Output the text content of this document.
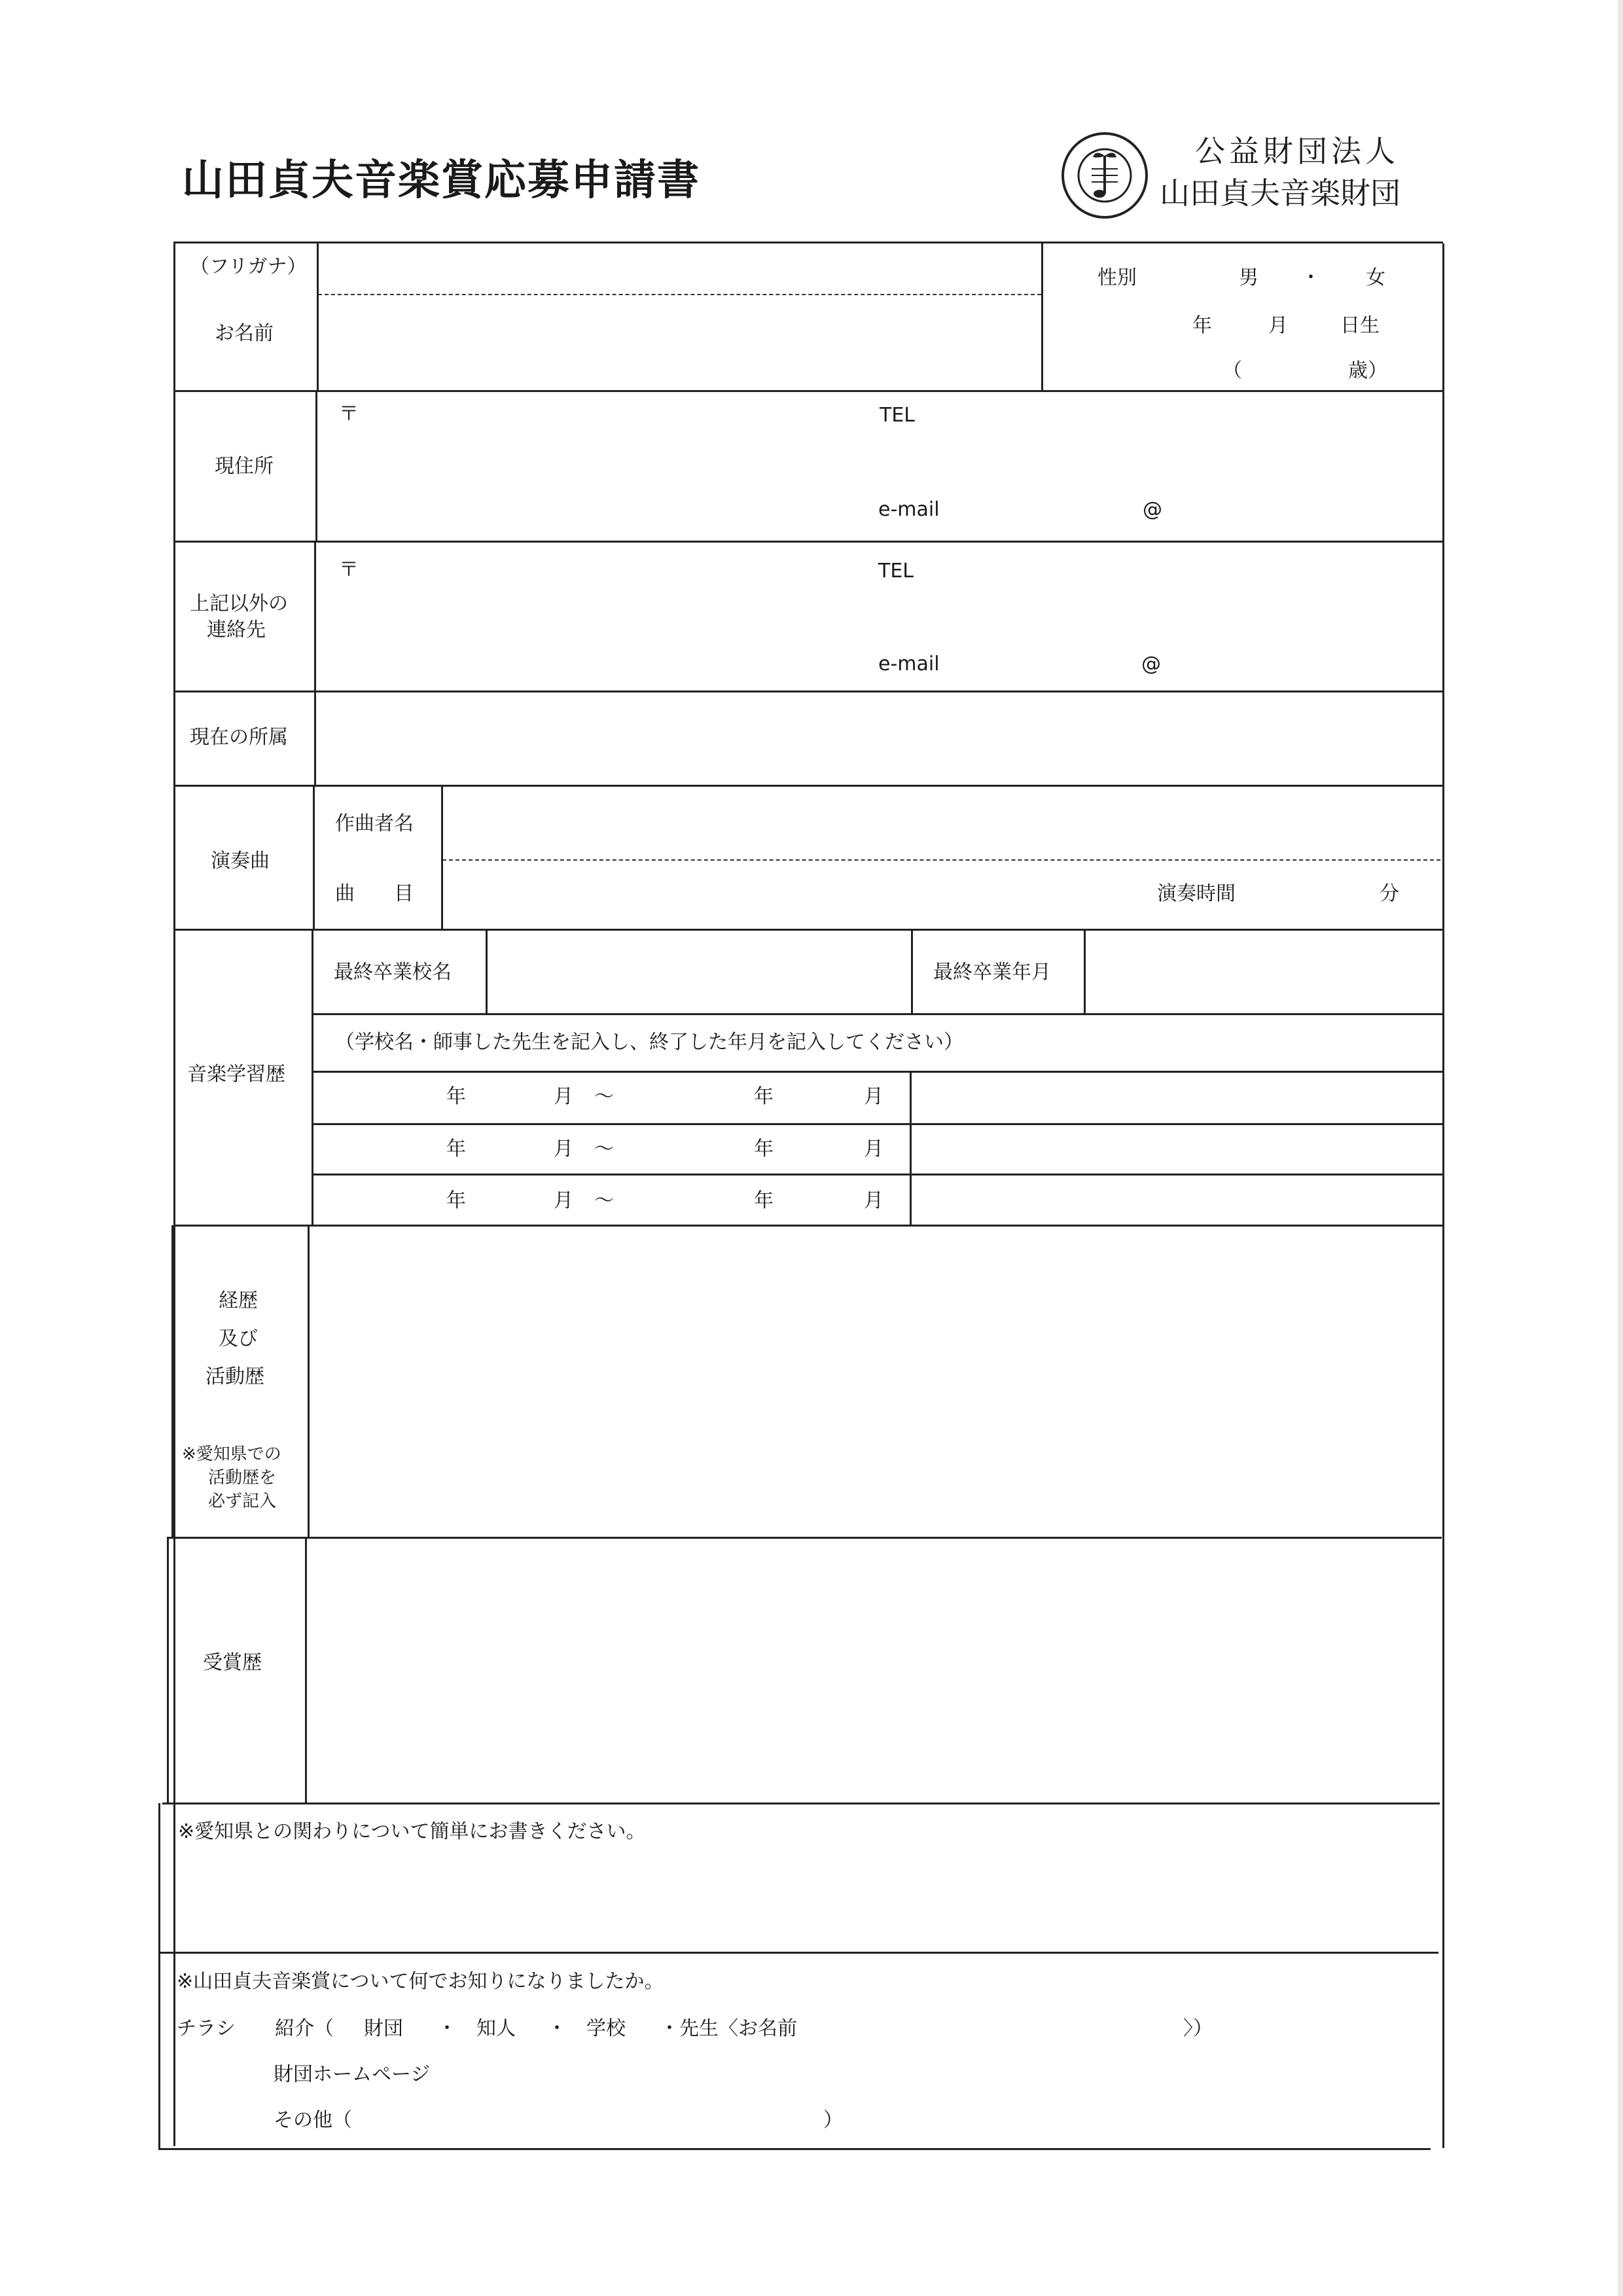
山田貞夫音楽賞応募申請書
公益財団法人
山田貞夫音楽財団
（フリガナ）
お名前
性別	男 ・ 女
年	月	日生
（	歳）
現住所
〒	TEL
e-mail	@
上記以外の
連絡先
〒	TEL
e-mail	@
現在の所属
演奏曲
作曲者名
曲　　目	演奏時間	分
音楽学習歴
最終卒業校名	最終卒業年月
（学校名・師事した先生を記入し、終了した年月を記入してください）
年	月 ～	年	月
年	月 ～	年	月
年	月 ～	年	月
経歴
及び
活動歴
※愛知県での
活動歴を
必ず記入
受賞歴
※愛知県との関わりについて簡単にお書きください。
※山田貞夫音楽賞について何でお知りになりましたか。
チラシ 紹介（ 財団 ・ 知人 ・ 学校 ・先生〈お名前	〉）
財団ホームページ
その他（	）
